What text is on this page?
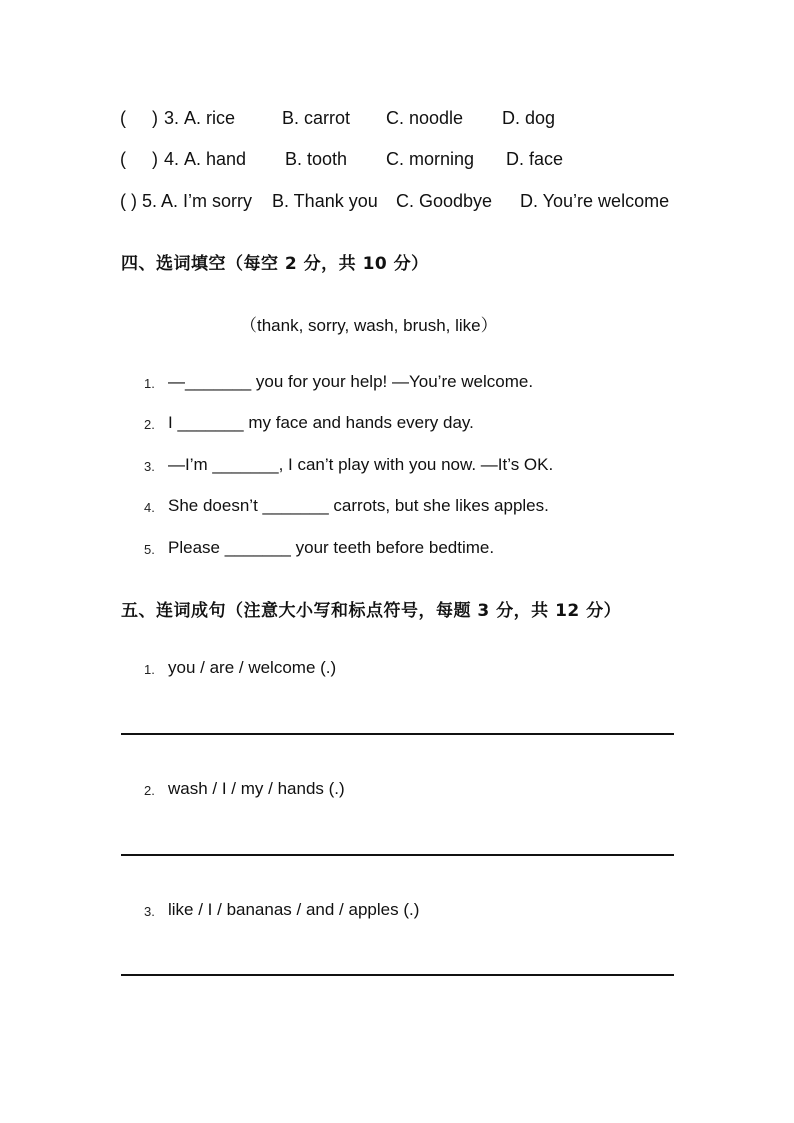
( ) 3. A. rice	B. carrot C. noodle D. dog
( ) 4. A. hand B. tooth C. morning D. face
( ) 5. A. I’m sorry B. Thank you C. Goodbye D. You’re welcome
四、选词填空（每空 2 分，共 10 分）
（thank, sorry, wash, brush, like）
1. —_______ you for your help! —You’re welcome.
2. I _______ my face and hands every day.
3. —I’m _______, I can’t play with you now. —It’s OK.
4. She doesn’t _______ carrots, but she likes apples.
5. Please _______ your teeth before bedtime.
五、连词成句（注意大小写和标点符号，每题 3 分，共 12 分）
1. you / are / welcome (.)
2. wash / I / my / hands (.)
3. like / I / bananas / and / apples (.)
